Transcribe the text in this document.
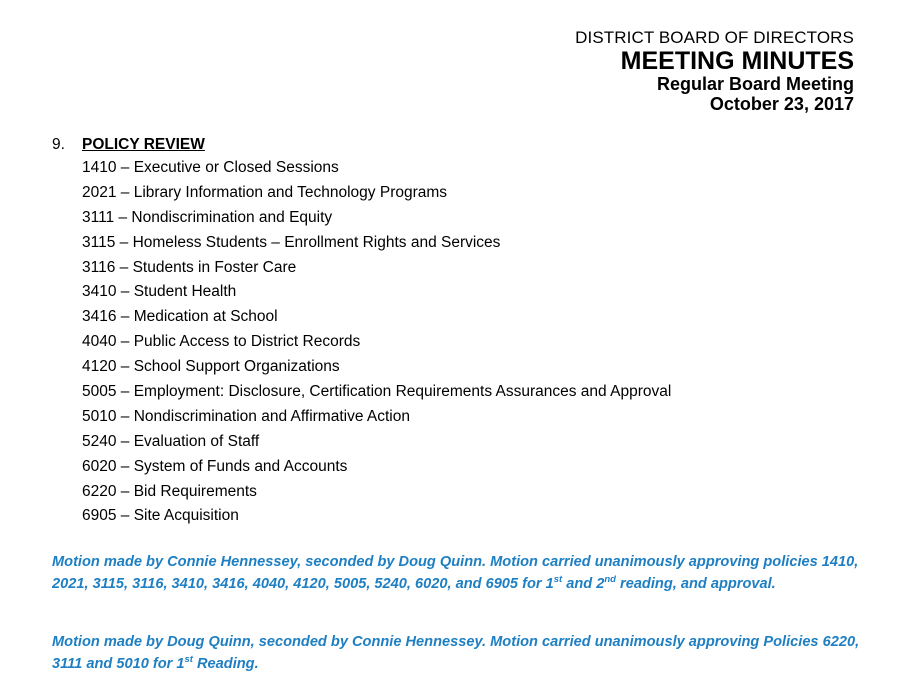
DISTRICT BOARD OF DIRECTORS
MEETING MINUTES
Regular Board Meeting
October 23, 2017
9.	POLICY REVIEW
1410 – Executive or Closed Sessions
2021 – Library Information and Technology Programs
3111 – Nondiscrimination and Equity
3115 – Homeless Students – Enrollment Rights and Services
3116 – Students in Foster Care
3410 – Student Health
3416 – Medication at School
4040 – Public Access to District Records
4120 – School Support Organizations
5005 – Employment: Disclosure, Certification Requirements Assurances and Approval
5010 – Nondiscrimination and Affirmative Action
5240 – Evaluation of Staff
6020 – System of Funds and Accounts
6220 – Bid Requirements
6905 – Site Acquisition

Motion made by Connie Hennessey, seconded by Doug Quinn. Motion carried unanimously approving policies 1410, 2021, 3115, 3116, 3410, 3416, 4040, 4120, 5005, 5240, 6020, and 6905 for 1st and 2nd reading, and approval.

Motion made by Doug Quinn, seconded by Connie Hennessey. Motion carried unanimously approving Policies 6220, 3111 and 5010 for 1st Reading.
